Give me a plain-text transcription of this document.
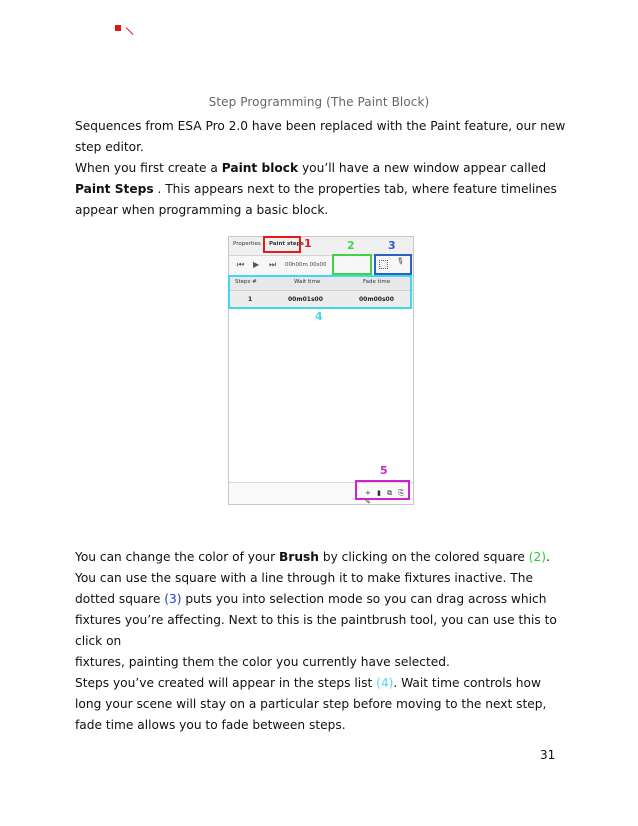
Step Programming (The Paint Block)
Sequences from ESA Pro 2.0 have been replaced with the Paint feature, our new step editor.
When you first create a Paint block you’ll have a new window appear called Paint Steps . This appears next to the properties tab, where feature timelines appear when programming a basic block.
Properties Paint steps
⏮ ▶ ⏭ 00h00m 00s00
Steps #	Wait time	Fade time
1	00m01s00	00m00s00
+ ▮ ⧉ ⎘ ✎
✎
1	2	3
4
5
You can change the color of your Brush by clicking on the colored square (2). You can use the square with a line through it to make fixtures inactive. The dotted square (3) puts you into selection mode so you can drag across which fixtures you’re affecting. Next to this is the paintbrush tool, you can use this to click on
fixtures, painting them the color you currently have selected.
Steps you’ve created will appear in the steps list (4). Wait time controls how long your scene will stay on a particular step before moving to the next step, fade time allows you to fade between steps.
31
